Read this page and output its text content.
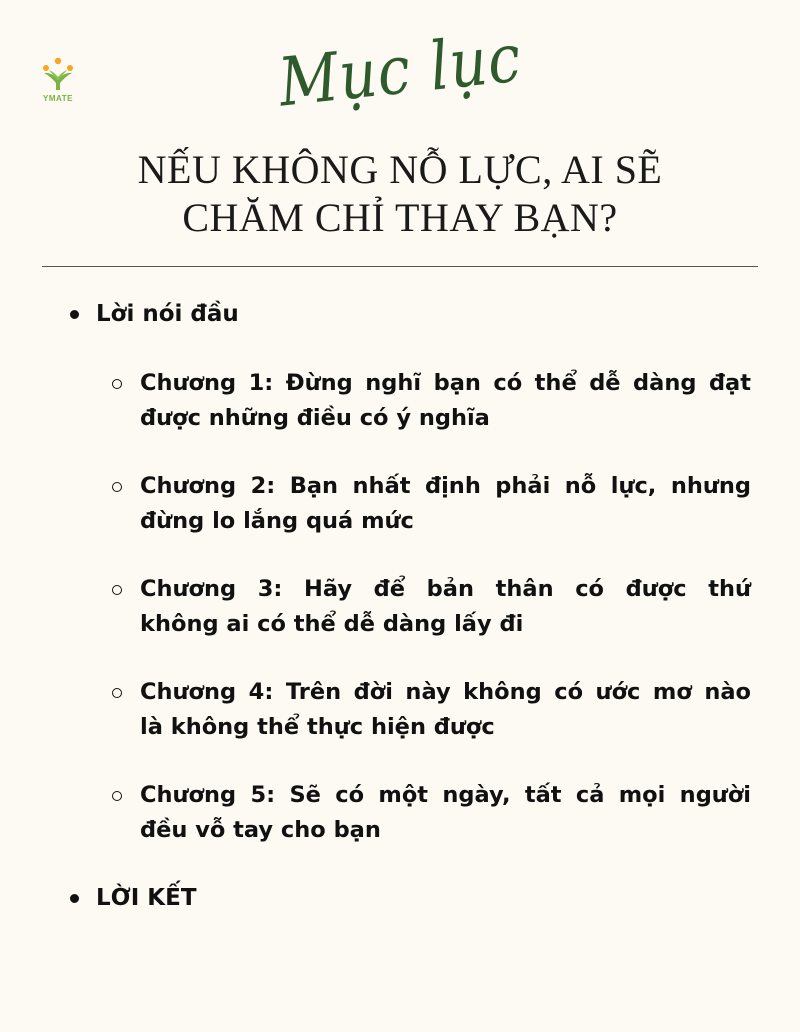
YMATE	Mục lục
NẾU KHÔNG NỖ LỰC, AI SẼ
CHĂM CHỈ THAY BẠN?
Lời nói đầu
Chương 1: Đừng nghĩ bạn có thể dễ dàng đạt
được những điều có ý nghĩa
Chương 2: Bạn nhất định phải nỗ lực, nhưng
đừng lo lắng quá mức
Chương 3: Hãy để bản thân có được thứ
không ai có thể dễ dàng lấy đi
Chương 4: Trên đời này không có ước mơ nào
là không thể thực hiện được
Chương 5: Sẽ có một ngày, tất cả mọi người
đều vỗ tay cho bạn
LỜI KẾT
